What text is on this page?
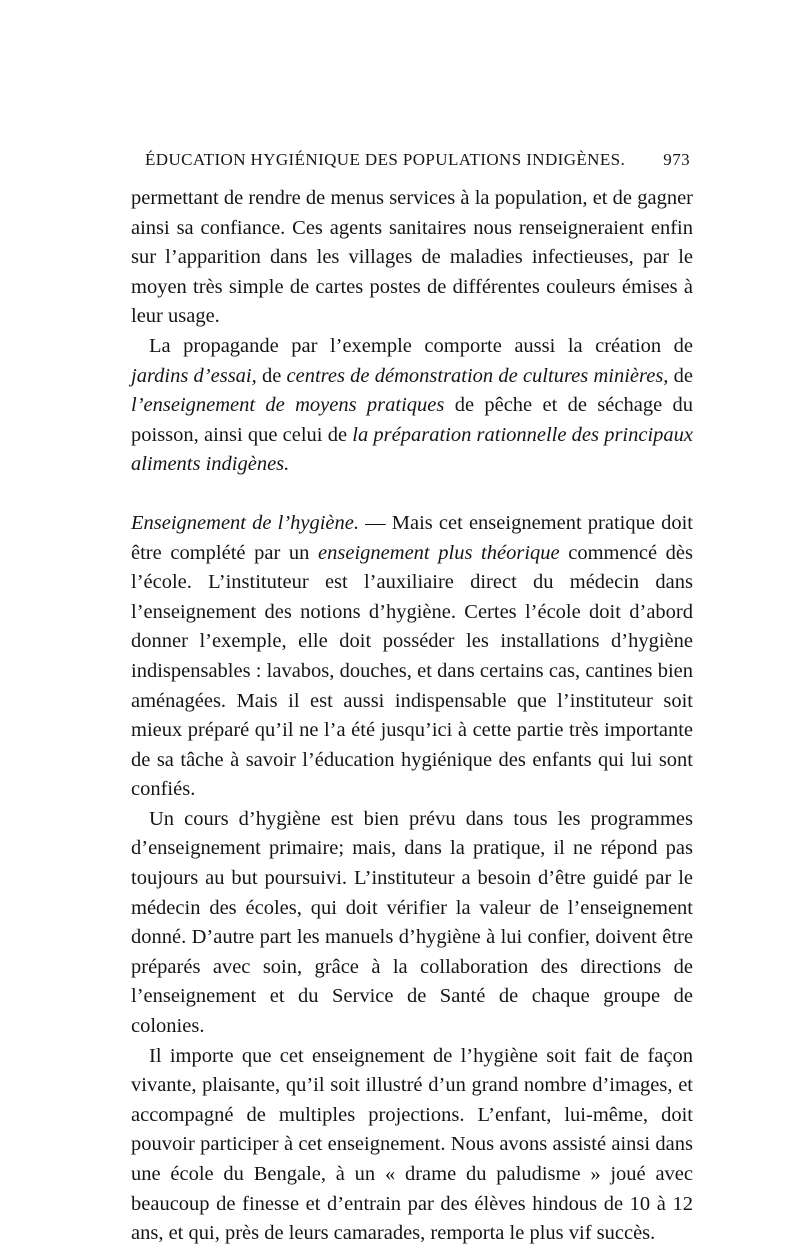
ÉDUCATION HYGIÉNIQUE DES POPULATIONS INDIGÈNES. 973

permettant de rendre de menus services à la population, et de gagner ainsi sa confiance. Ces agents sanitaires nous renseigneraient enfin sur l’apparition dans les villages de maladies infectieuses, par le moyen très simple de cartes postes de différentes couleurs émises à leur usage.

La propagande par l’exemple comporte aussi la création de jardins d’essai, de centres de démonstration de cultures minières, de l’enseignement de moyens pratiques de pêche et de séchage du poisson, ainsi que celui de la préparation rationnelle des principaux aliments indigènes.

Enseignement de l’hygiène. — Mais cet enseignement pratique doit être complété par un enseignement plus théorique commencé dès l’école. L’instituteur est l’auxiliaire direct du médecin dans l’enseignement des notions d’hygiène. Certes l’école doit d’abord donner l’exemple, elle doit posséder les installations d’hygiène indispensables : lavabos, douches, et dans certains cas, cantines bien aménagées. Mais il est aussi indispensable que l’instituteur soit mieux préparé qu’il ne l’a été jusqu’ici à cette partie très importante de sa tâche à savoir l’éducation hygiénique des enfants qui lui sont confiés.

Un cours d’hygiène est bien prévu dans tous les programmes d’enseignement primaire; mais, dans la pratique, il ne répond pas toujours au but poursuivi. L’instituteur a besoin d’être guidé par le médecin des écoles, qui doit vérifier la valeur de l’enseignement donné. D’autre part les manuels d’hygiène à lui confier, doivent être préparés avec soin, grâce à la collaboration des directions de l’enseignement et du Service de Santé de chaque groupe de colonies.

Il importe que cet enseignement de l’hygiène soit fait de façon vivante, plaisante, qu’il soit illustré d’un grand nombre d’images, et accompagné de multiples projections. L’enfant, lui-même, doit pouvoir participer à cet enseignement. Nous avons assisté ainsi dans une école du Bengale, à un « drame du paludisme » joué avec beaucoup de finesse et d’entrain par des élèves hindous de 10 à 12 ans, et qui, près de leurs camarades, remporta le plus vif succès.
